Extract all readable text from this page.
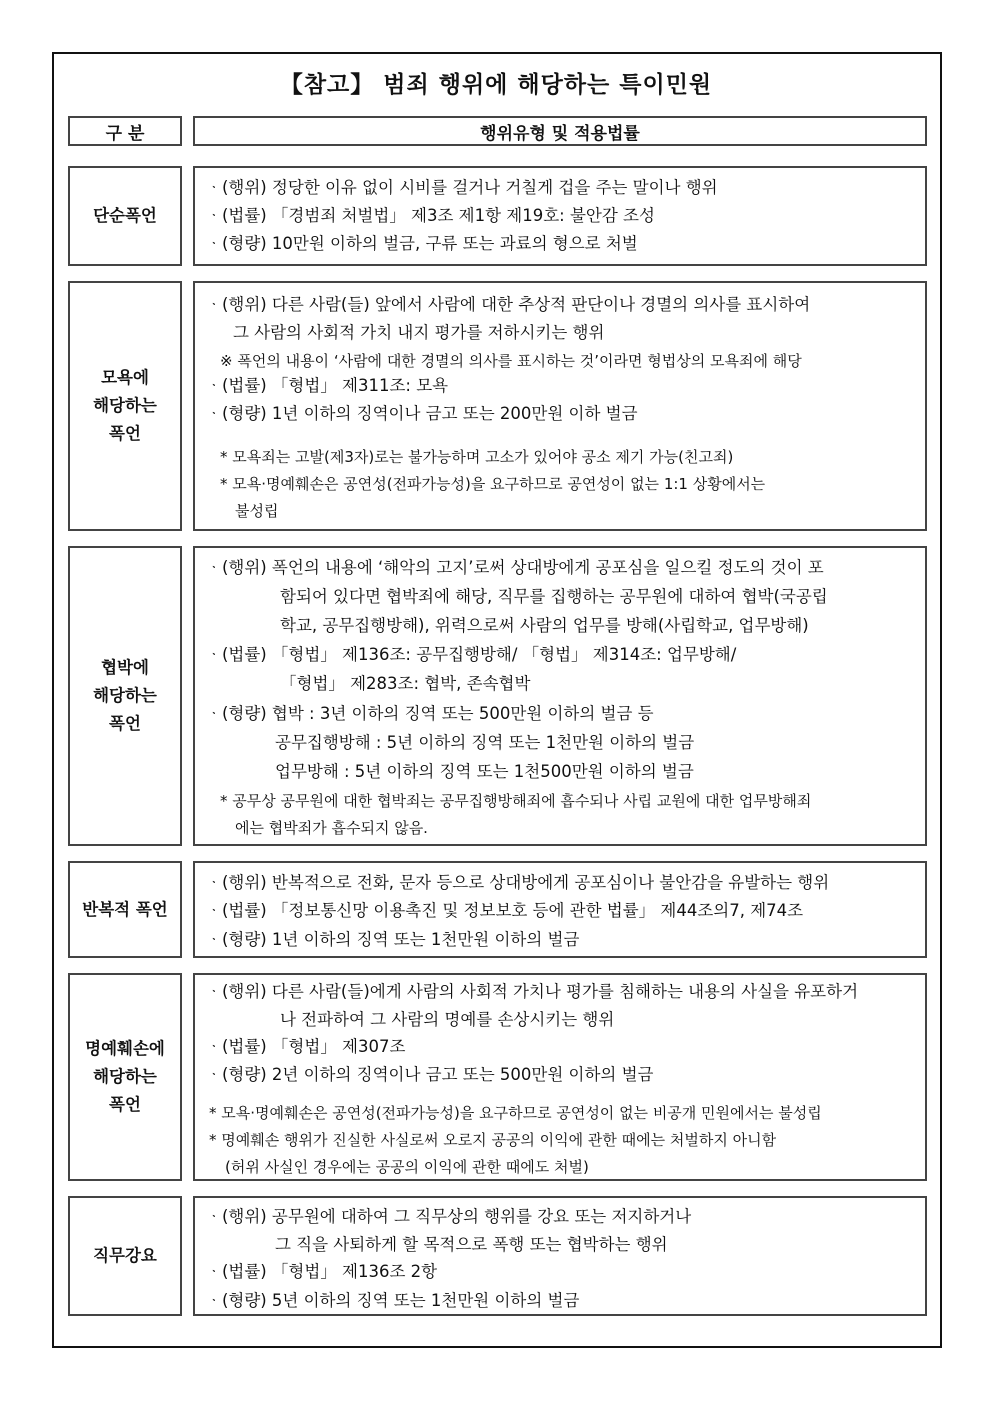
【참고】 범죄 행위에 해당하는 특이민원
구 분	행위유형 및 적용법률
단순폭언
ᆞ(행위) 정당한 이유 없이 시비를 걸거나 거칠게 겁을 주는 말이나 행위
ᆞ(법률) 「경범죄 처벌법」 제3조 제1항 제19호: 불안감 조성
ᆞ(형량) 10만원 이하의 벌금, 구류 또는 과료의 형으로 처벌
모욕에
해당하는
폭언
ᆞ(행위) 다른 사람(들) 앞에서 사람에 대한 추상적 판단이나 경멸의 의사를 표시하여
그 사람의 사회적 가치 내지 평가를 저하시키는 행위
※ 폭언의 내용이 ‘사람에 대한 경멸의 의사를 표시하는 것’이라면 형법상의 모욕죄에 해당
ᆞ(법률) 「형법」 제311조: 모욕
ᆞ(형량) 1년 이하의 징역이나 금고 또는 200만원 이하 벌금
* 모욕죄는 고발(제3자)로는 불가능하며 고소가 있어야 공소 제기 가능(친고죄)
* 모욕·명예훼손은 공연성(전파가능성)을 요구하므로 공연성이 없는 1:1 상황에서는
불성립
협박에
해당하는
폭언
ᆞ(행위) 폭언의 내용에 ‘해악의 고지’로써 상대방에게 공포심을 일으킬 정도의 것이 포
함되어 있다면 협박죄에 해당, 직무를 집행하는 공무원에 대하여 협박(국공립
학교, 공무집행방해), 위력으로써 사람의 업무를 방해(사립학교, 업무방해)
ᆞ(법률) 「형법」 제136조: 공무집행방해/ 「형법」 제314조: 업무방해/
「형법」 제283조: 협박, 존속협박
ᆞ(형량) 협박 : 3년 이하의 징역 또는 500만원 이하의 벌금 등
공무집행방해 : 5년 이하의 징역 또는 1천만원 이하의 벌금
업무방해 : 5년 이하의 징역 또는 1천500만원 이하의 벌금
* 공무상 공무원에 대한 협박죄는 공무집행방해죄에 흡수되나 사립 교원에 대한 업무방해죄
에는 협박죄가 흡수되지 않음.
반복적 폭언
ᆞ(행위) 반복적으로 전화, 문자 등으로 상대방에게 공포심이나 불안감을 유발하는 행위
ᆞ(법률) 「정보통신망 이용촉진 및 정보보호 등에 관한 법률」 제44조의7, 제74조
ᆞ(형량) 1년 이하의 징역 또는 1천만원 이하의 벌금
명예훼손에
해당하는
폭언
ᆞ(행위) 다른 사람(들)에게 사람의 사회적 가치나 평가를 침해하는 내용의 사실을 유포하거
나 전파하여 그 사람의 명예를 손상시키는 행위
ᆞ(법률) 「형법」 제307조
ᆞ(형량) 2년 이하의 징역이나 금고 또는 500만원 이하의 벌금
* 모욕·명예훼손은 공연성(전파가능성)을 요구하므로 공연성이 없는 비공개 민원에서는 불성립
* 명예훼손 행위가 진실한 사실로써 오로지 공공의 이익에 관한 때에는 처벌하지 아니함
(허위 사실인 경우에는 공공의 이익에 관한 때에도 처벌)
직무강요
ᆞ(행위) 공무원에 대하여 그 직무상의 행위를 강요 또는 저지하거나
그 직을 사퇴하게 할 목적으로 폭행 또는 협박하는 행위
ᆞ(법률) 「형법」 제136조 2항
ᆞ(형량) 5년 이하의 징역 또는 1천만원 이하의 벌금
